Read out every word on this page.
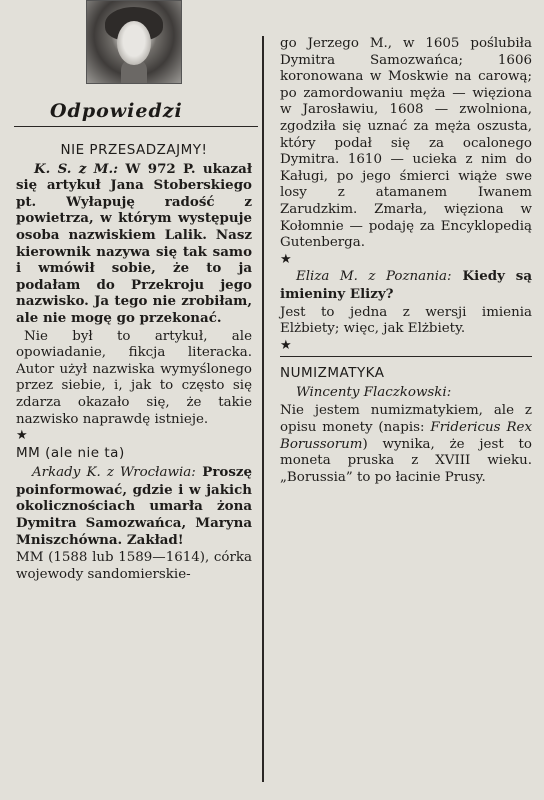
Odpowiedzi

NIE PRZESADZAJMY!

K. S. z M.: W 972 P. ukazał się artykuł Jana Stoberskiego pt. Wyłapuję radość z powietrza, w którym występuje osoba nazwiskiem Lalik. Nasz kierownik nazywa się tak samo i wmówił sobie, że to ja podałam do Przekroju jego nazwisko. Ja tego nie zrobiłam, ale nie mogę go przekonać.

Nie był to artykuł, ale opowiadanie, fikcja literacka. Autor użył nazwiska wymyślonego przez siebie, i, jak to często się zdarza okazało się, że takie nazwisko naprawdę istnieje.

★

MM (ale nie ta)

Arkady K. z Wrocławia: Proszę poinformować, gdzie i w jakich okolicznościach umarła żona Dymitra Samozwańca, Maryna Mniszchówna. Zakład!

MM (1588 lub 1589—1614), córka wojewody sandomierskie-

go Jerzego M., w 1605 poślubiła Dymitra Samozwańca; 1606 koronowana w Moskwie na carową; po zamordowaniu męża — więziona w Jarosławiu, 1608 — zwolniona, zgodziła się uznać za męża oszusta, który podał się za ocalonego Dymitra. 1610 — ucieka z nim do Kaługi, po jego śmierci wiąże swe losy z atamanem Iwanem Zarudzkim. Zmarła, więziona w Kołomnie — podaję za Encyklopedią Gutenberga.

★

Eliza M. z Poznania: Kiedy są imieniny Elizy?

Jest to jedna z wersji imienia Elżbiety; więc, jak Elżbiety.

★

NUMIZMATYKA

Wincenty Flaczkowski:

Nie jestem numizmatykiem, ale z opisu monety (napis: Fridericus Rex Borussorum) wynika, że jest to moneta pruska z XVIII wieku. „Borussia” to po łacinie Prusy.
